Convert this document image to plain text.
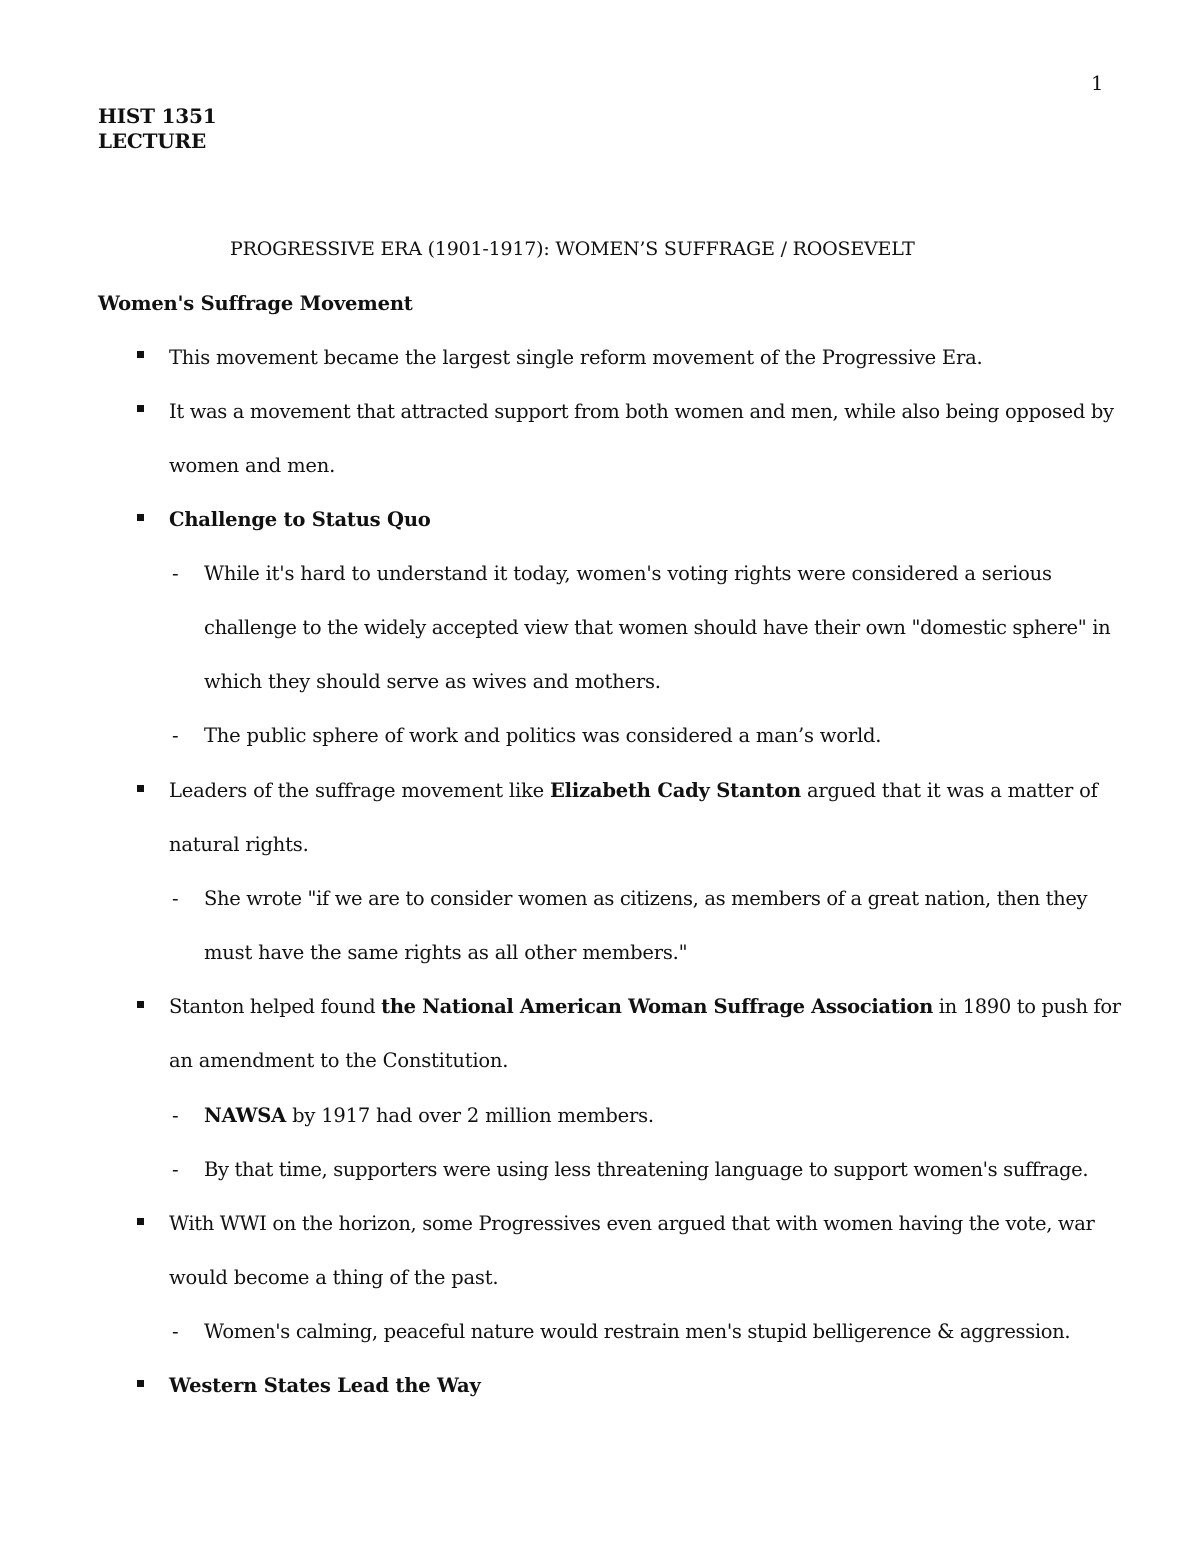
1
HIST 1351
LECTURE
PROGRESSIVE ERA (1901-1917): WOMEN’S SUFFRAGE / ROOSEVELT
Women's Suffrage Movement
This movement became the largest single reform movement of the Progressive Era.
It was a movement that attracted support from both women and men, while also being opposed by
women and men.
Challenge to Status Quo
- While it's hard to understand it today, women's voting rights were considered a serious
challenge to the widely accepted view that women should have their own "domestic sphere" in
which they should serve as wives and mothers.
- The public sphere of work and politics was considered a man’s world.
Leaders of the suffrage movement like Elizabeth Cady Stanton argued that it was a matter of
natural rights.
- She wrote "if we are to consider women as citizens, as members of a great nation, then they
must have the same rights as all other members."
Stanton helped found the National American Woman Suffrage Association in 1890 to push for
an amendment to the Constitution.
- NAWSA by 1917 had over 2 million members.
- By that time, supporters were using less threatening language to support women's suffrage.
With WWI on the horizon, some Progressives even argued that with women having the vote, war
would become a thing of the past.
- Women's calming, peaceful nature would restrain men's stupid belligerence & aggression.
Western States Lead the Way
